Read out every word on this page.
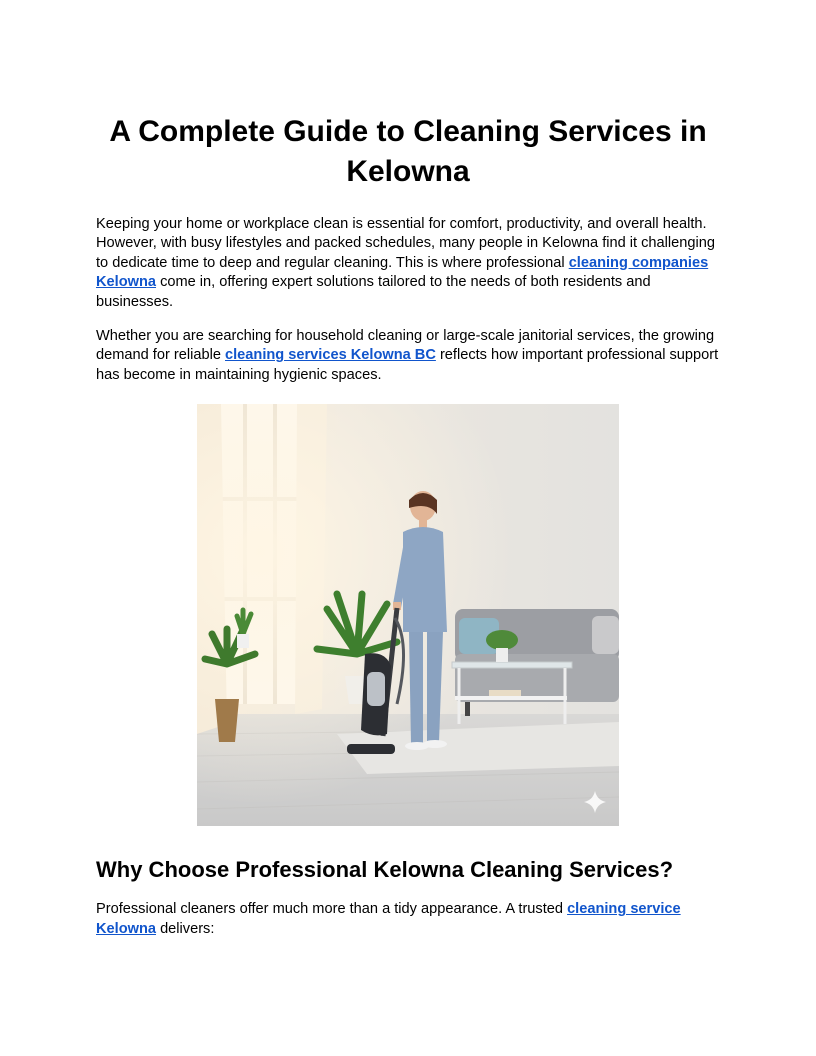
A Complete Guide to Cleaning Services in Kelowna

Keeping your home or workplace clean is essential for comfort, productivity, and overall health. However, with busy lifestyles and packed schedules, many people in Kelowna find it challenging to dedicate time to deep and regular cleaning. This is where professional cleaning companies Kelowna come in, offering expert solutions tailored to the needs of both residents and businesses.

Whether you are searching for household cleaning or large-scale janitorial services, the growing demand for reliable cleaning services Kelowna BC reflects how important professional support has become in maintaining hygienic spaces.

Why Choose Professional Kelowna Cleaning Services?

Professional cleaners offer much more than a tidy appearance. A trusted cleaning service Kelowna delivers:
